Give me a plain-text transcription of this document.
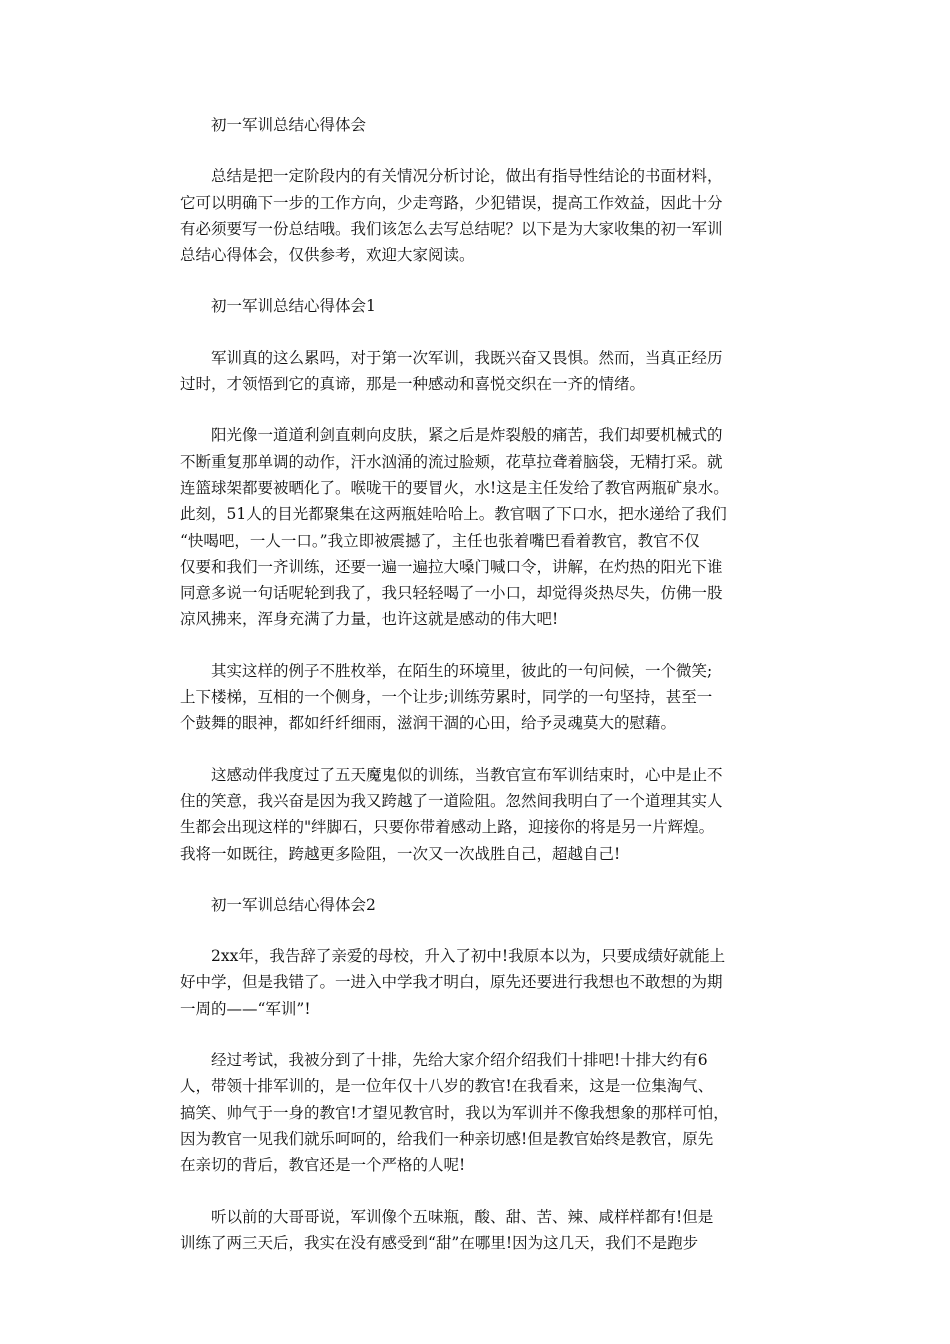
初一军训总结心得体会

总结是把一定阶段内的有关情况分析讨论，做出有指导性结论的书面材料，
它可以明确下一步的工作方向，少走弯路，少犯错误，提高工作效益，因此十分
有必须要写一份总结哦。我们该怎么去写总结呢？以下是为大家收集的初一军训
总结心得体会，仅供参考，欢迎大家阅读。

初一军训总结心得体会1

军训真的这么累吗，对于第一次军训，我既兴奋又畏惧。然而，当真正经历
过时，才领悟到它的真谛，那是一种感动和喜悦交织在一齐的情绪。

阳光像一道道利剑直刺向皮肤，紧之后是炸裂般的痛苦，我们却要机械式的
不断重复那单调的动作，汗水汹涌的流过脸颊，花草拉聋着脑袋，无精打采。就
连篮球架都要被晒化了。喉咙干的要冒火，水!这是主任发给了教官两瓶矿泉水。
此刻，51人的目光都聚集在这两瓶娃哈哈上。教官咽了下口水，把水递给了我们
“快喝吧，一人一口。”我立即被震撼了，主任也张着嘴巴看着教官，教官不仅
仅要和我们一齐训练，还要一遍一遍拉大嗓门喊口令，讲解，在灼热的阳光下谁
同意多说一句话呢轮到我了，我只轻轻喝了一小口，却觉得炎热尽失，仿佛一股
凉风拂来，浑身充满了力量，也许这就是感动的伟大吧!

其实这样的例子不胜枚举，在陌生的环境里，彼此的一句问候，一个微笑;
上下楼梯，互相的一个侧身，一个让步;训练劳累时，同学的一句坚持，甚至一
个鼓舞的眼神，都如纤纤细雨，滋润干涸的心田，给予灵魂莫大的慰藉。

这感动伴我度过了五天魔鬼似的训练，当教官宣布军训结束时，心中是止不
住的笑意，我兴奋是因为我又跨越了一道险阻。忽然间我明白了一个道理其实人
生都会出现这样的"绊脚石，只要你带着感动上路，迎接你的将是另一片辉煌。
我将一如既往，跨越更多险阻，一次又一次战胜自己，超越自己!

初一军训总结心得体会2

2xx年，我告辞了亲爱的母校，升入了初中!我原本以为，只要成绩好就能上
好中学，但是我错了。一进入中学我才明白，原先还要进行我想也不敢想的为期
一周的——“军训”!

经过考试，我被分到了十排，先给大家介绍介绍我们十排吧!十排大约有6
人，带领十排军训的，是一位年仅十八岁的教官!在我看来，这是一位集淘气、
搞笑、帅气于一身的教官!才望见教官时，我以为军训并不像我想象的那样可怕，
因为教官一见我们就乐呵呵的，给我们一种亲切感!但是教官始终是教官，原先
在亲切的背后，教官还是一个严格的人呢!

听以前的大哥哥说，军训像个五味瓶，酸、甜、苦、辣、咸样样都有!但是
训练了两三天后，我实在没有感受到“甜”在哪里!因为这几天，我们不是跑步
